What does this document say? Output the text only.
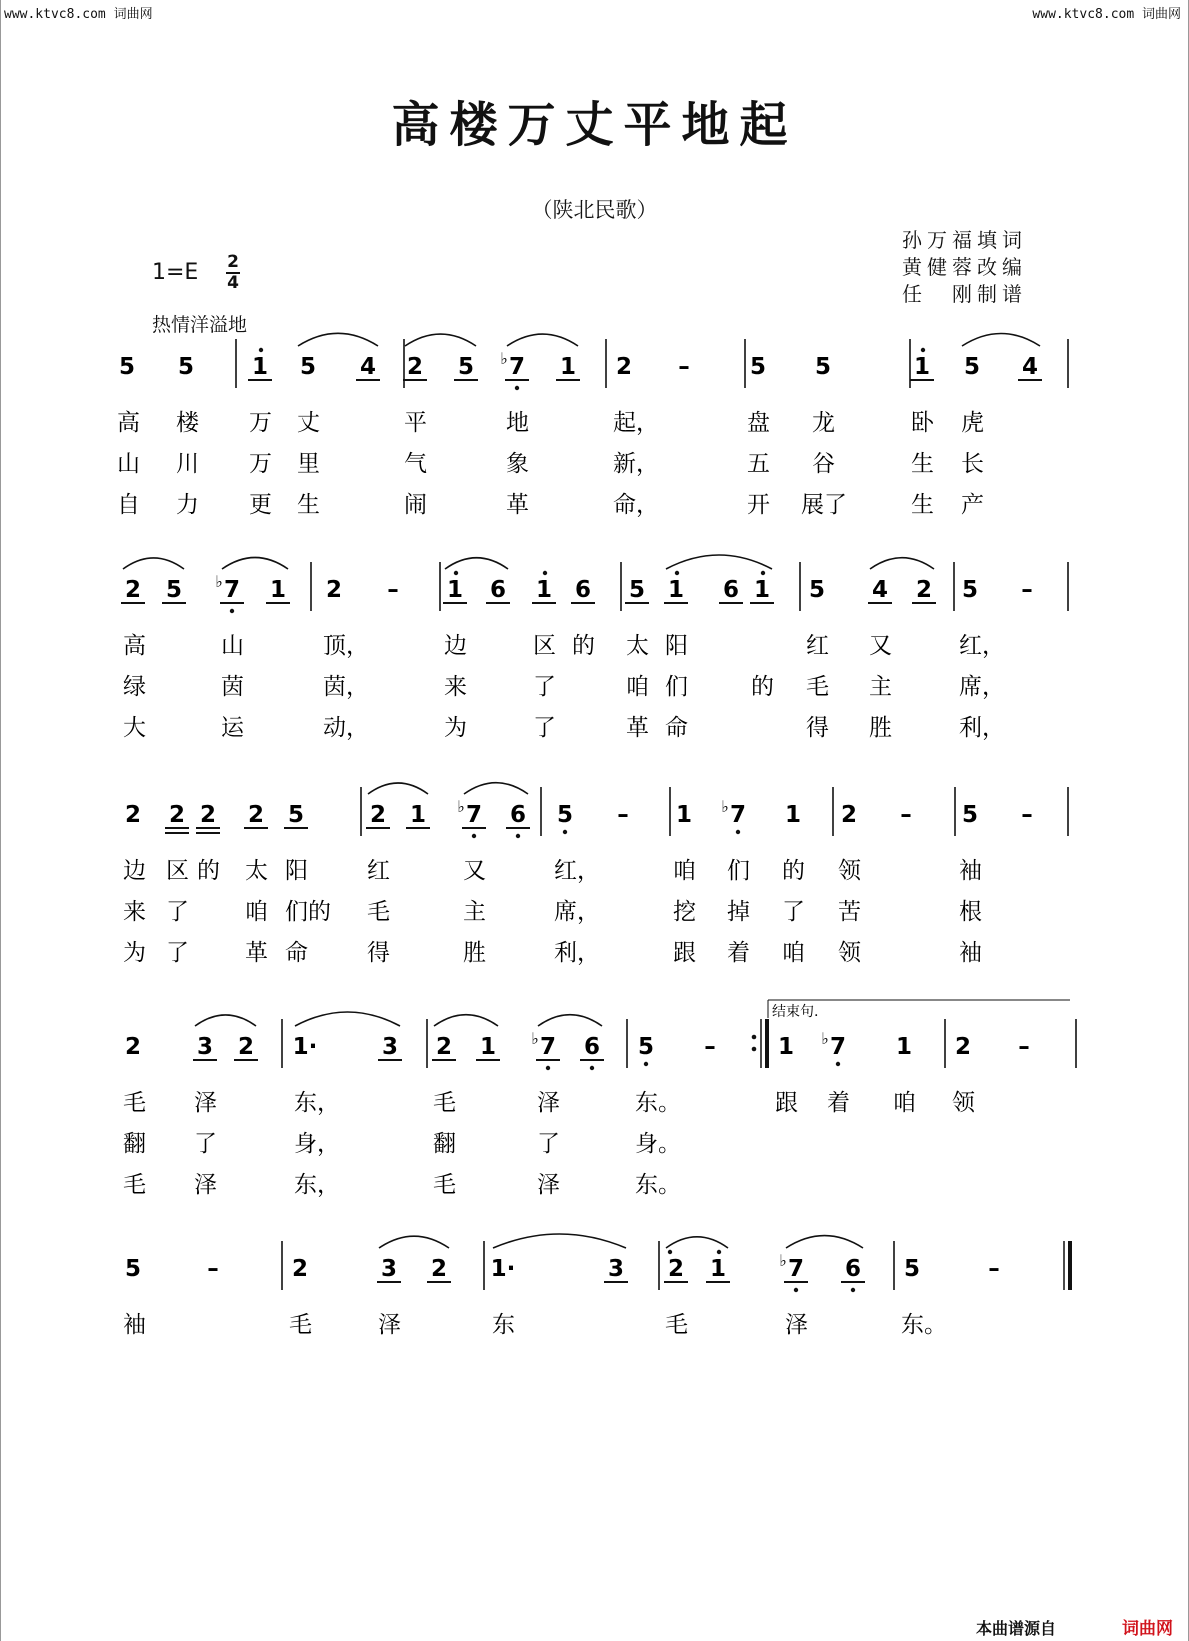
www.ktvc8.com 词曲网	www.ktvc8.com 词曲网
高楼万丈平地起
（陕北民歌）
孙万福填词
黄健蓉改编
任　刚制谱
1=E 2
4
热情洋溢地
5 5	1 5 4 2 5 7
♭ 1 2 –	5 5	1 5 4
高 楼 万 丈	平	地	起，	盘 龙	卧 虎
山 川 万 里	气	象	新，	五 谷	生 长
自 力 更 生	闹	革	命，	开 展了	生 产
2 5 7
♭ 1 2 – 1 6 1 6 5 1 6 1 5 4 2 5 –
高	山	顶，	边	区 的 太 阳	红 又	红，
绿	茵	茵，	来	了	咱 们	的 毛 主	席，
大	运	动，	为	了	革 命	得 胜	利，
2 2 2 2 5	2 1 7
♭ 6 5 – 1 7
♭ 1 2 – 5 –
边 区 的 太 阳	红	又	红，	咱 们 的 领	袖
来 了 咱 们的 毛	主	席，	挖 掉 了 苦	根
为 了 革 命	得	胜	利，	跟 着 咱 领	袖
2 3 2 1·	3 2 1 7
♭ 6 5 –	1 7
♭	1 2 –
毛 泽	东，	毛	泽	东。	跟 着 咱 领
翻 了	身，	翻	了	身。
毛 泽	东，	毛	泽	东。
5	–	2	3 2 1·	3 2 1	7
♭	6 5	–
袖	毛	泽	东	毛	泽	东。
结束句.
本曲谱源自	词曲网
